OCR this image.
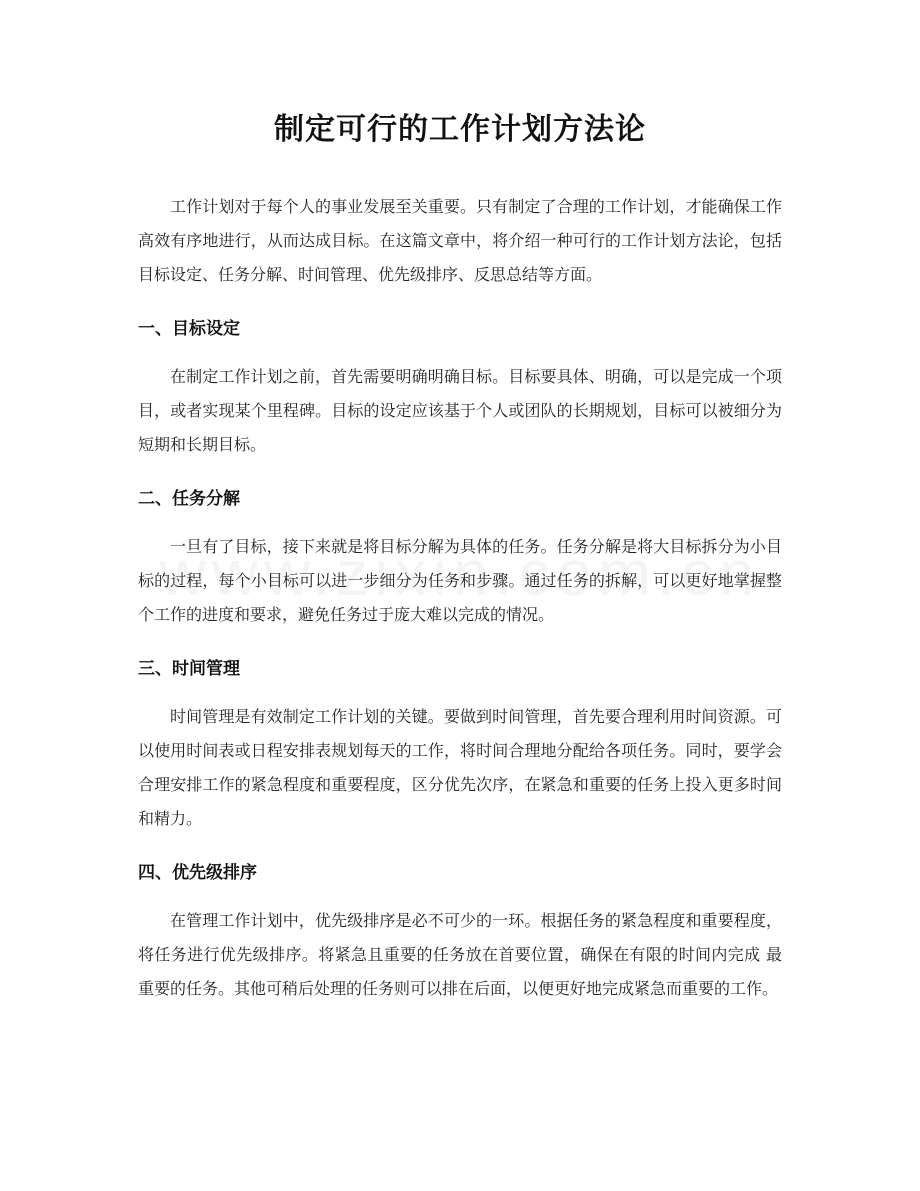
制定可行的工作计划方法论

工作计划对于每个人的事业发展至关重要。只有制定了合理的工作计划，才能确保工作高效有序地进行，从而达成目标。在这篇文章中，将介绍一种可行的工作计划方法论，包括目标设定、任务分解、时间管理、优先级排序、反思总结等方面。

一、目标设定

在制定工作计划之前，首先需要明确明确目标。目标要具体、明确，可以是完成一个项目，或者实现某个里程碑。目标的设定应该基于个人或团队的长期规划，目标可以被细分为短期和长期目标。

二、任务分解

一旦有了目标，接下来就是将目标分解为具体的任务。任务分解是将大目标拆分为小目标的过程，每个小目标可以进一步细分为任务和步骤。通过任务的拆解，可以更好地掌握整个工作的进度和要求，避免任务过于庞大难以完成的情况。

三、时间管理

时间管理是有效制定工作计划的关键。要做到时间管理，首先要合理利用时间资源。可以使用时间表或日程安排表规划每天的工作，将时间合理地分配给各项任务。同时，要学会合理安排工作的紧急程度和重要程度，区分优先次序，在紧急和重要的任务上投入更多时间和精力。

四、优先级排序

在管理工作计划中，优先级排序是必不可少的一环。根据任务的紧急程度和重要程度，将任务进行优先级排序。将紧急且重要的任务放在首要位置，确保在有限的时间内完成 最重要的任务。其他可稍后处理的任务则可以排在后面，以便更好地完成紧急而重要的工作。
